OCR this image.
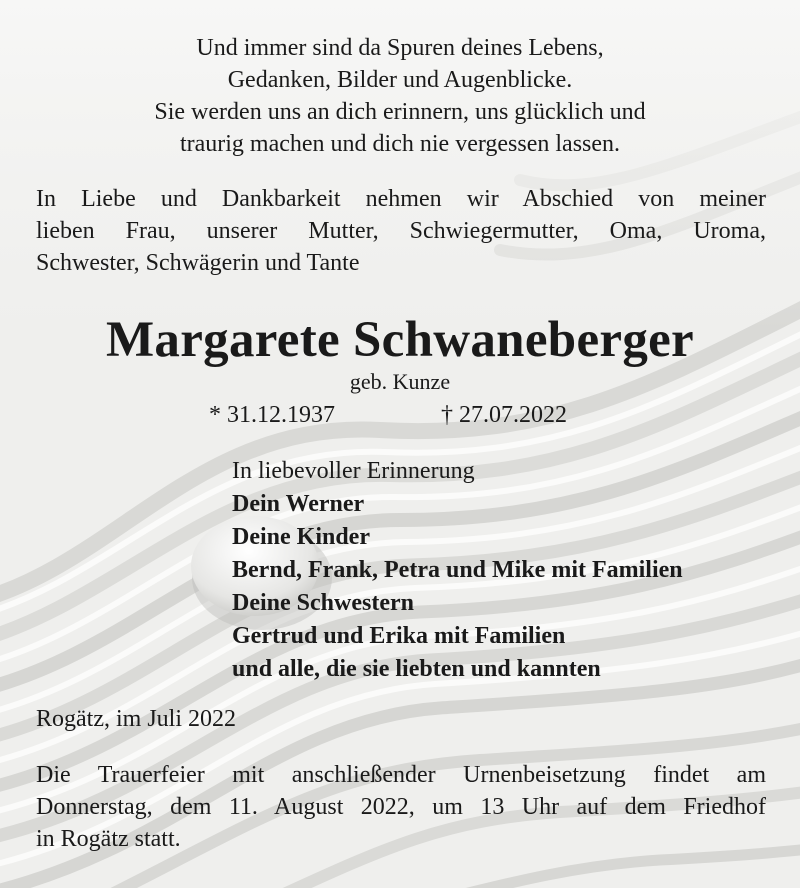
Und immer sind da Spuren deines Lebens,
Gedanken, Bilder und Augenblicke.
Sie werden uns an dich erinnern, uns glücklich und
traurig machen und dich nie vergessen lassen.
In Liebe und Dankbarkeit nehmen wir Abschied von meiner
lieben Frau, unserer Mutter, Schwiegermutter, Oma, Uroma,
Schwester, Schwägerin und Tante
Margarete Schwaneberger
geb. Kunze
* 31.12.1937	† 27.07.2022
In liebevoller Erinnerung
Dein Werner
Deine Kinder
Bernd, Frank, Petra und Mike mit Familien
Deine Schwestern
Gertrud und Erika mit Familien
und alle, die sie liebten und kannten
Rogätz, im Juli 2022
Die Trauerfeier mit anschließender Urnenbeisetzung findet am
Donnerstag, dem 11. August 2022, um 13 Uhr auf dem Friedhof
in Rogätz statt.
